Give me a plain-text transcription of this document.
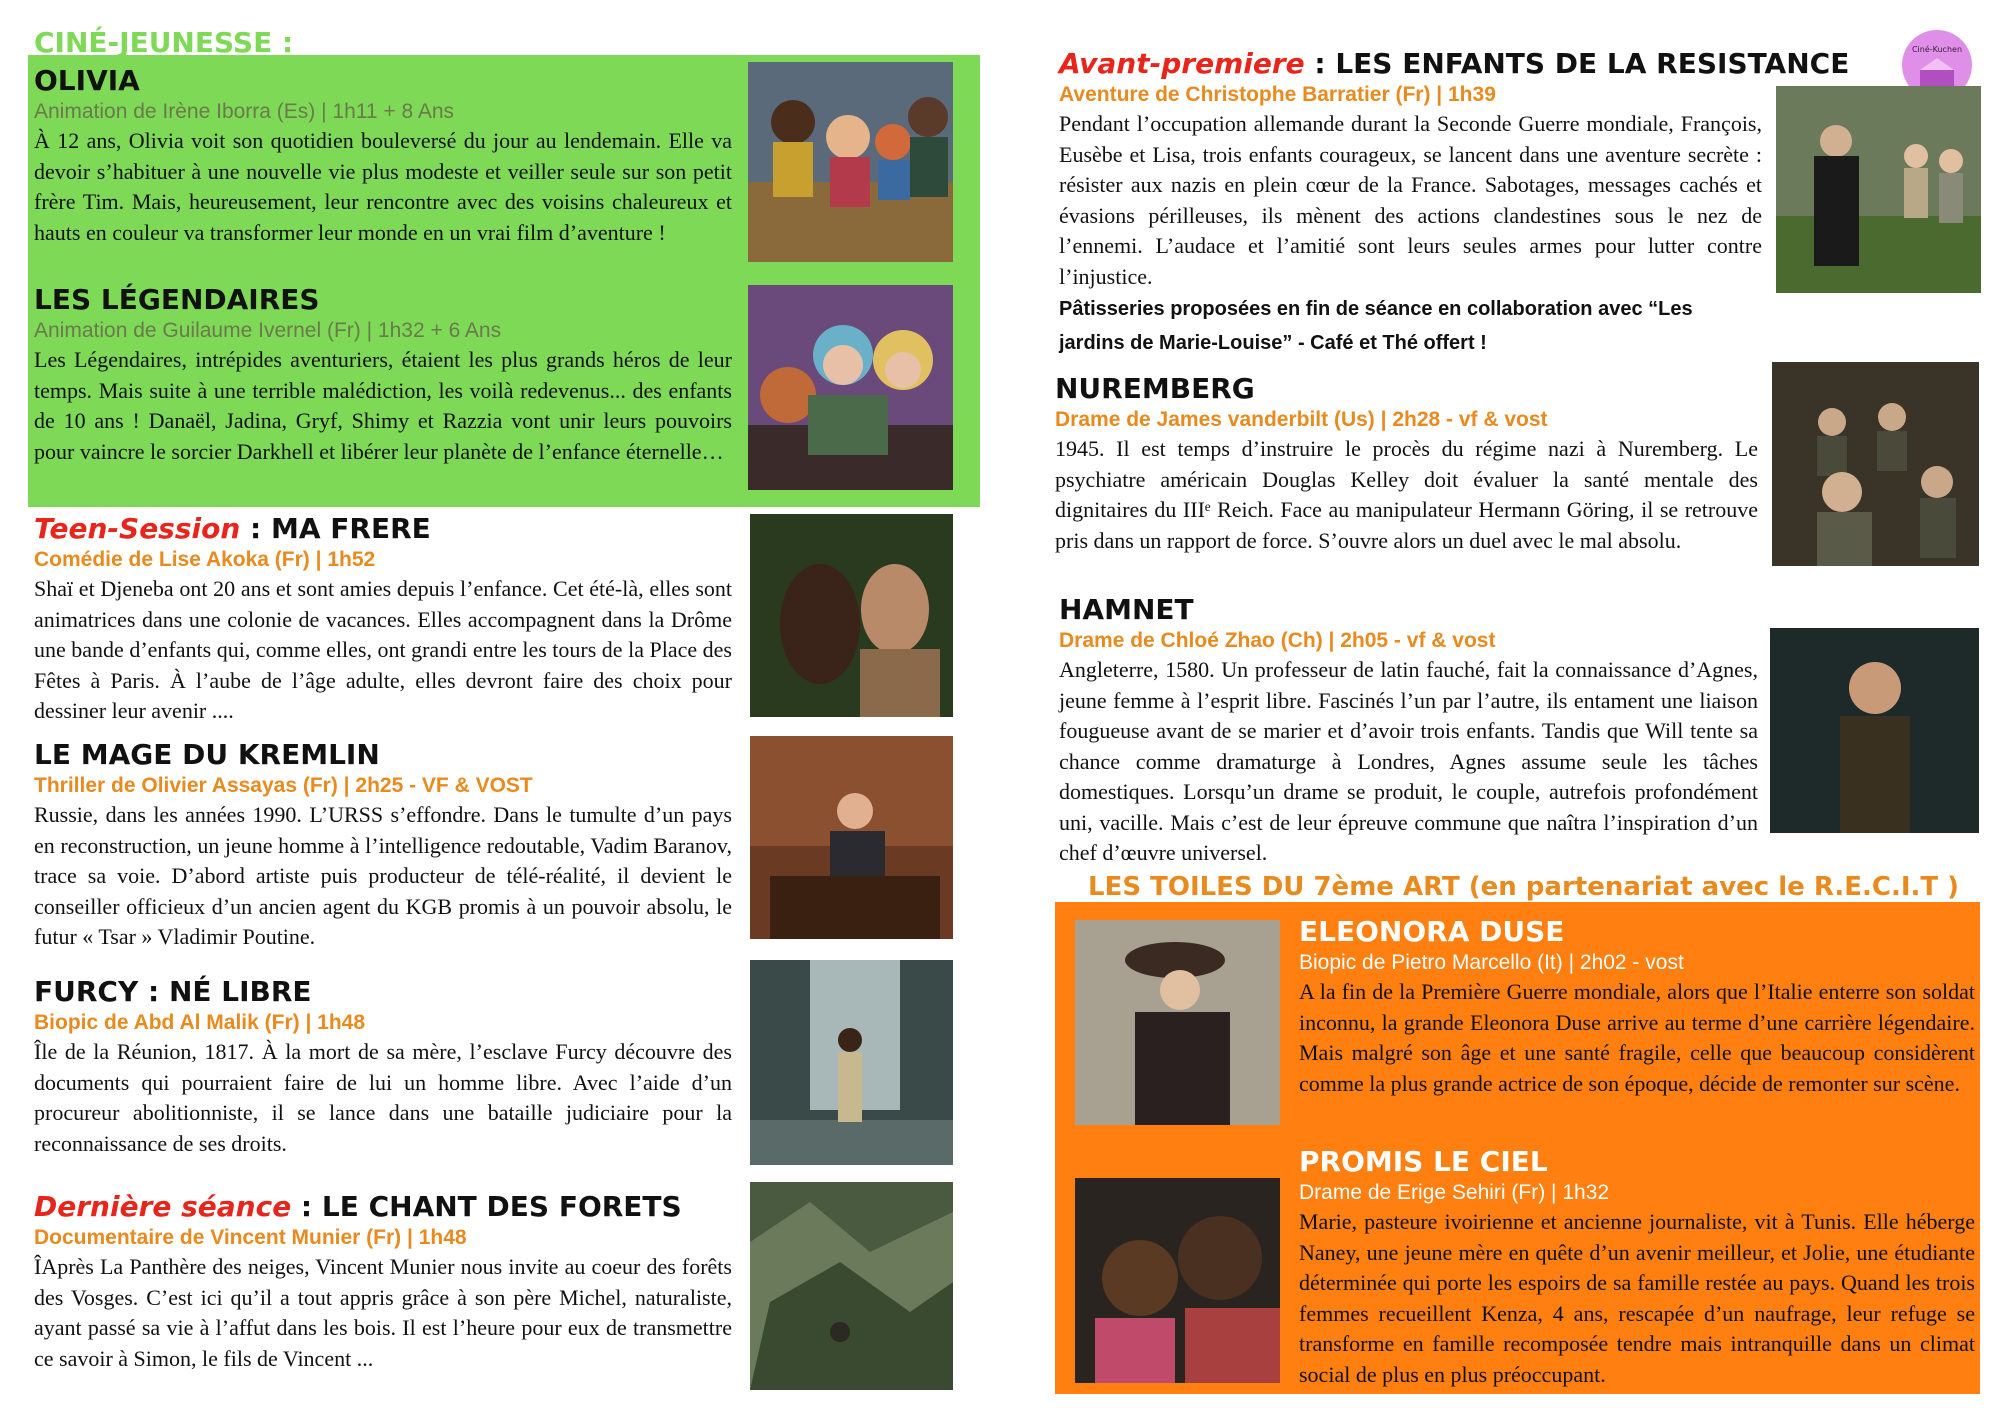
CINÉ-JEUNESSE :
OLIVIA
Animation de Irène Iborra (Es) | 1h11 + 8 Ans
À 12 ans, Olivia voit son quotidien bouleversé du jour au lendemain. Elle va devoir s’habituer à une nouvelle vie plus modeste et veiller seule sur son petit frère Tim. Mais, heureusement, leur rencontre avec des voisins chaleureux et hauts en couleur va transformer leur monde en un vrai film d’aventure !
LES LÉGENDAIRES
Animation de Guilaume Ivernel (Fr) | 1h32 + 6 Ans
Les Légendaires, intrépides aventuriers, étaient les plus grands héros de leur temps. Mais suite à une terrible malédiction, les voilà redevenus... des enfants de 10 ans ! Danaël, Jadina, Gryf, Shimy et Razzia vont unir leurs pouvoirs pour vaincre le sorcier Darkhell et libérer leur planète de l’enfance éternelle…
Teen-Session : MA FRERE
Comédie de Lise Akoka (Fr) | 1h52
Shaï et Djeneba ont 20 ans et sont amies depuis l’enfance. Cet été-là, elles sont animatrices dans une colonie de vacances. Elles accompagnent dans la Drôme une bande d’enfants qui, comme elles, ont grandi entre les tours de la Place des Fêtes à Paris. À l’aube de l’âge adulte, elles devront faire des choix pour dessiner leur avenir ....
LE MAGE DU KREMLIN
Thriller de Olivier Assayas (Fr) | 2h25 - VF & VOST
Russie, dans les années 1990. L’URSS s’effondre. Dans le tumulte d’un pays en reconstruction, un jeune homme à l’intelligence redoutable, Vadim Baranov, trace sa voie. D’abord artiste puis producteur de télé-réalité, il devient le conseiller officieux d’un ancien agent du KGB promis à un pouvoir absolu, le futur « Tsar » Vladimir Poutine.
FURCY : NÉ LIBRE
Biopic de Abd Al Malik (Fr) | 1h48
Île de la Réunion, 1817. À la mort de sa mère, l’esclave Furcy découvre des documents qui pourraient faire de lui un homme libre. Avec l’aide d’un procureur abolitionniste, il se lance dans une bataille judiciaire pour la reconnaissance de ses droits.
Dernière séance : LE CHANT DES FORETS
Documentaire de Vincent Munier (Fr) | 1h48
ÎAprès La Panthère des neiges, Vincent Munier nous invite au coeur des forêts des Vosges. C’est ici qu’il a tout appris grâce à son père Michel, naturaliste, ayant passé sa vie à l’affut dans les bois. Il est l’heure pour eux de transmettre ce savoir à Simon, le fils de Vincent ...
Ciné-Kuchen
Avant-premiere : LES ENFANTS DE LA RESISTANCE
Aventure de Christophe Barratier (Fr) | 1h39
Pendant l’occupation allemande durant la Seconde Guerre mondiale, François, Eusèbe et Lisa, trois enfants courageux, se lancent dans une aventure secrète : résister aux nazis en plein cœur de la France. Sabotages, messages cachés et évasions périlleuses, ils mènent des actions clandestines sous le nez de l’ennemi. L’audace et l’amitié sont leurs seules armes pour lutter contre l’injustice.
Pâtisseries proposées en fin de séance en collaboration avec “Les jardins de Marie-Louise” - Café et Thé offert !
NUREMBERG
Drame de James vanderbilt (Us) | 2h28 - vf & vost
1945. Il est temps d’instruire le procès du régime nazi à Nuremberg. Le psychiatre américain Douglas Kelley doit évaluer la santé mentale des dignitaires du IIIᵉ Reich. Face au manipulateur Hermann Göring, il se retrouve pris dans un rapport de force. S’ouvre alors un duel avec le mal absolu.
HAMNET
Drame de Chloé Zhao (Ch) | 2h05 - vf & vost
Angleterre, 1580. Un professeur de latin fauché, fait la connaissance d’Agnes, jeune femme à l’esprit libre. Fascinés l’un par l’autre, ils entament une liaison fougueuse avant de se marier et d’avoir trois enfants. Tandis que Will tente sa chance comme dramaturge à Londres, Agnes assume seule les tâches domestiques. Lorsqu’un drame se produit, le couple, autrefois profondément uni, vacille. Mais c’est de leur épreuve commune que naîtra l’inspiration d’un chef d’œuvre universel.
LES TOILES DU 7ème ART (en partenariat avec le R.E.C.I.T )
ELEONORA DUSE
Biopic de Pietro Marcello (It) | 2h02 - vost
A la fin de la Première Guerre mondiale, alors que l’Italie enterre son soldat inconnu, la grande Eleonora Duse arrive au terme d’une carrière légendaire. Mais malgré son âge et une santé fragile, celle que beaucoup considèrent comme la plus grande actrice de son époque, décide de remonter sur scène.
PROMIS LE CIEL
Drame de Erige Sehiri (Fr) | 1h32
Marie, pasteure ivoirienne et ancienne journaliste, vit à Tunis. Elle héberge Naney, une jeune mère en quête d’un avenir meilleur, et Jolie, une étudiante déterminée qui porte les espoirs de sa famille restée au pays. Quand les trois femmes recueillent Kenza, 4 ans, rescapée d’un naufrage, leur refuge se transforme en famille recomposée tendre mais intranquille dans un climat social de plus en plus préoccupant.
